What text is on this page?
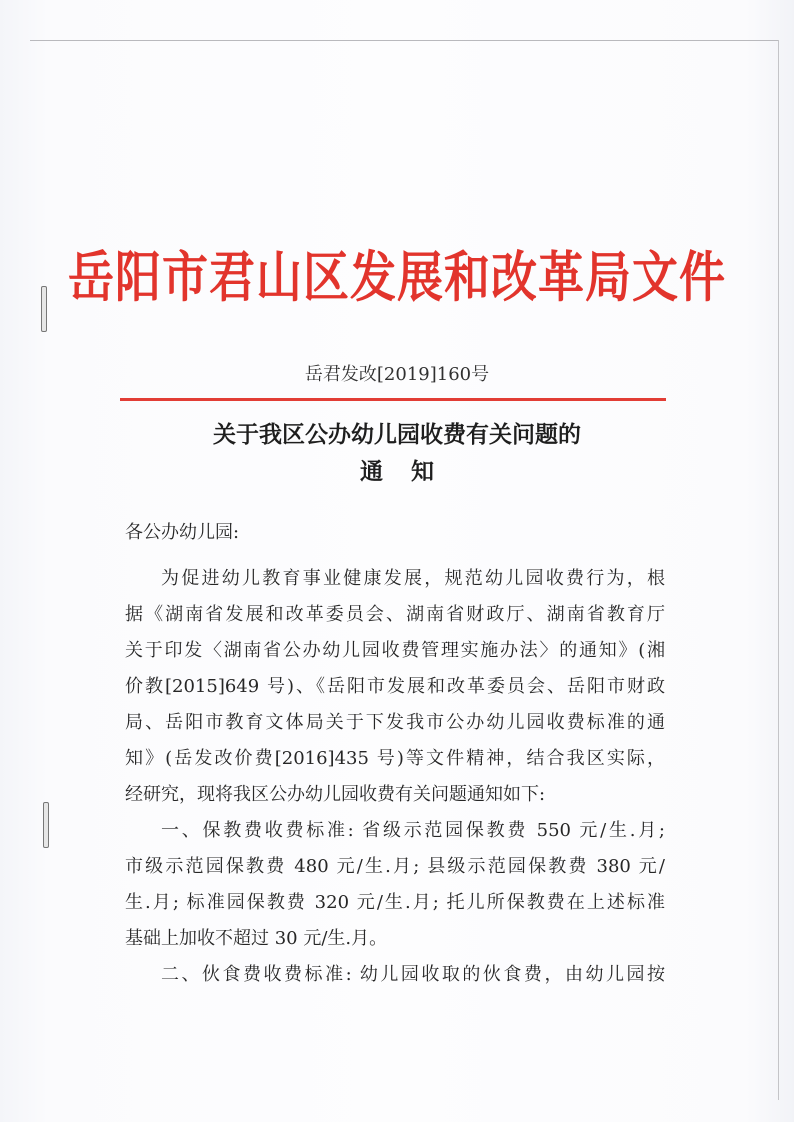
岳阳市君山区发展和改革局文件
岳君发改[2019]160号
关于我区公办幼儿园收费有关问题的
通知
各公办幼儿园:
为促进幼儿教育事业健康发展，规范幼儿园收费行为，根
据《湖南省发展和改革委员会、湖南省财政厅、湖南省教育厅
关于印发〈湖南省公办幼儿园收费管理实施办法〉的通知》(湘
价教[2015]649 号)、《岳阳市发展和改革委员会、岳阳市财政
局、岳阳市教育文体局关于下发我市公办幼儿园收费标准的通
知》(岳发改价费[2016]435 号)等文件精神，结合我区实际，
经研究，现将我区公办幼儿园收费有关问题通知如下:
一、保教费收费标准: 省级示范园保教费 550 元/生.月;
市级示范园保教费 480 元/生.月; 县级示范园保教费 380 元/
生.月; 标准园保教费 320 元/生.月; 托儿所保教费在上述标准
基础上加收不超过 30 元/生.月。
二、伙食费收费标准: 幼儿园收取的伙食费，由幼儿园按
